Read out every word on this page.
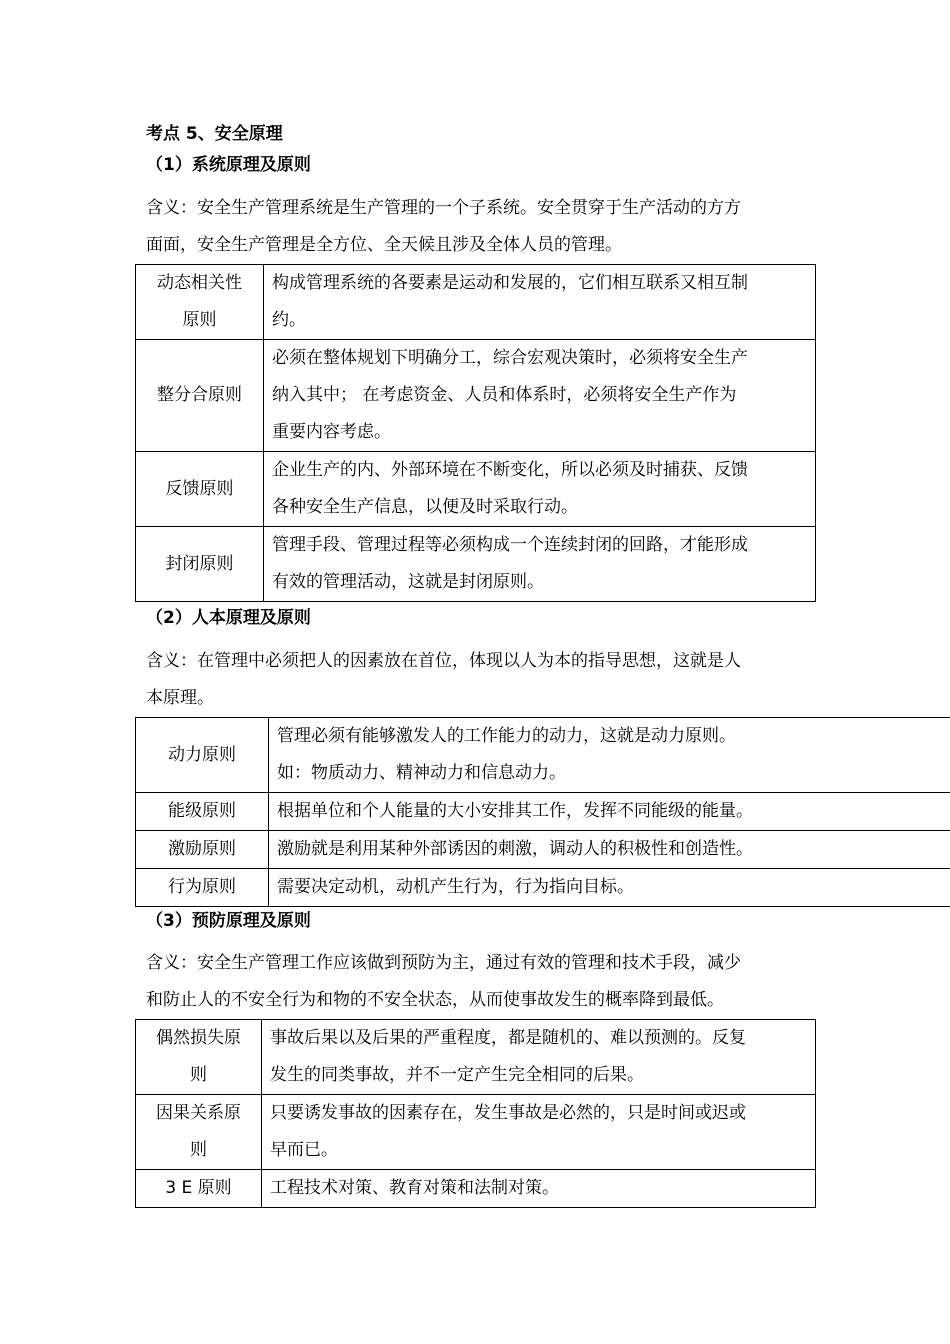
考点 5、安全原理
（1）系统原理及原则
含义：安全生产管理系统是生产管理的一个子系统。安全贯穿于生产活动的方方
面面，安全生产管理是全方位、全天候且涉及全体人员的管理。
动态相关性
原则	构成管理系统的各要素是运动和发展的，它们相互联系又相互制
约。

整分合原则	必须在整体规划下明确分工，综合宏观决策时，必须将安全生产
纳入其中； 在考虑资金、人员和体系时，必须将安全生产作为
重要内容考虑。

反馈原则	企业生产的内、外部环境在不断变化，所以必须及时捕获、反馈
各种安全生产信息，以便及时采取行动。

封闭原则	管理手段、管理过程等必须构成一个连续封闭的回路，才能形成
有效的管理活动，这就是封闭原则。
（2）人本原理及原则
含义：在管理中必须把人的因素放在首位，体现以人为本的指导思想，这就是人
本原理。
动力原则	管理必须有能够激发人的工作能力的动力，这就是动力原则。
如：物质动力、精神动力和信息动力。

能级原则	根据单位和个人能量的大小安排其工作，发挥不同能级的能量。

激励原则	激励就是利用某种外部诱因的刺激，调动人的积极性和创造性。

行为原则	需要决定动机，动机产生行为，行为指向目标。
（3）预防原理及原则
含义：安全生产管理工作应该做到预防为主，通过有效的管理和技术手段，减少
和防止人的不安全行为和物的不安全状态，从而使事故发生的概率降到最低。
偶然损失原
则	事故后果以及后果的严重程度，都是随机的、难以预测的。反复
发生的同类事故，并不一定产生完全相同的后果。

因果关系原
则	只要诱发事故的因素存在，发生事故是必然的，只是时间或迟或
早而已。

3 E 原则	工程技术对策、教育对策和法制对策。
